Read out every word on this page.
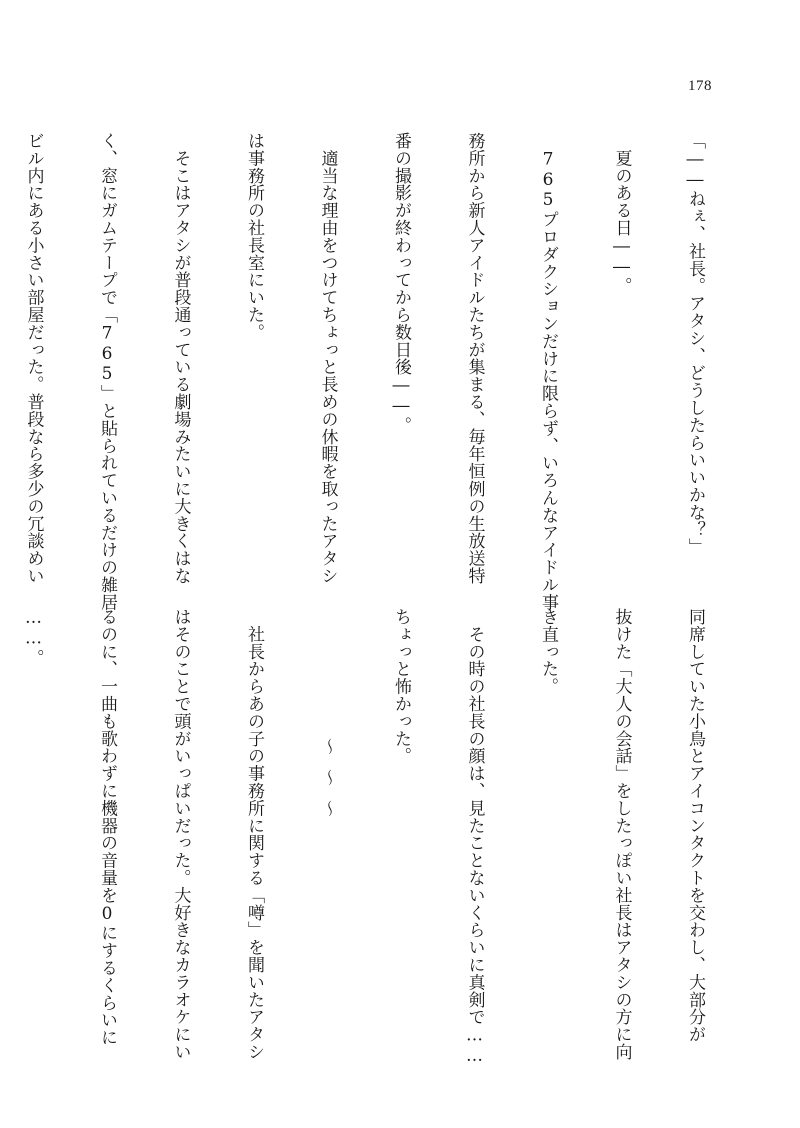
178

「――ねぇ、社長。アタシ、どうしたらいいかな？」

　夏のある日――。

　765プロダクションだけに限らず、いろんなアイドル事

務所から新人アイドルたちが集まる、毎年恒例の生放送特

番の撮影が終わってから数日後――。

　適当な理由をつけてちょっと長めの休暇を取ったアタシ

は事務所の社長室にいた。

　そこはアタシが普段通っている劇場みたいに大きくはな

く、窓にガムテープで「765」と貼られているだけの雑居

ビル内にある小さい部屋だった。普段なら多少の冗談めい

同席していた小鳥とアイコンタクトを交わし、大部分が

抜けた「大人の会話」をしたっぽい社長はアタシの方に向

き直った。

　その時の社長の顔は、見たことないくらいに真剣で……

ちょっと怖かった。

～～～

　社長からあの子の事務所に関する「噂」を聞いたアタシ

はそのことで頭がいっぱいだった。大好きなカラオケにい

るのに、一曲も歌わずに機器の音量を0にするくらいに

……。
